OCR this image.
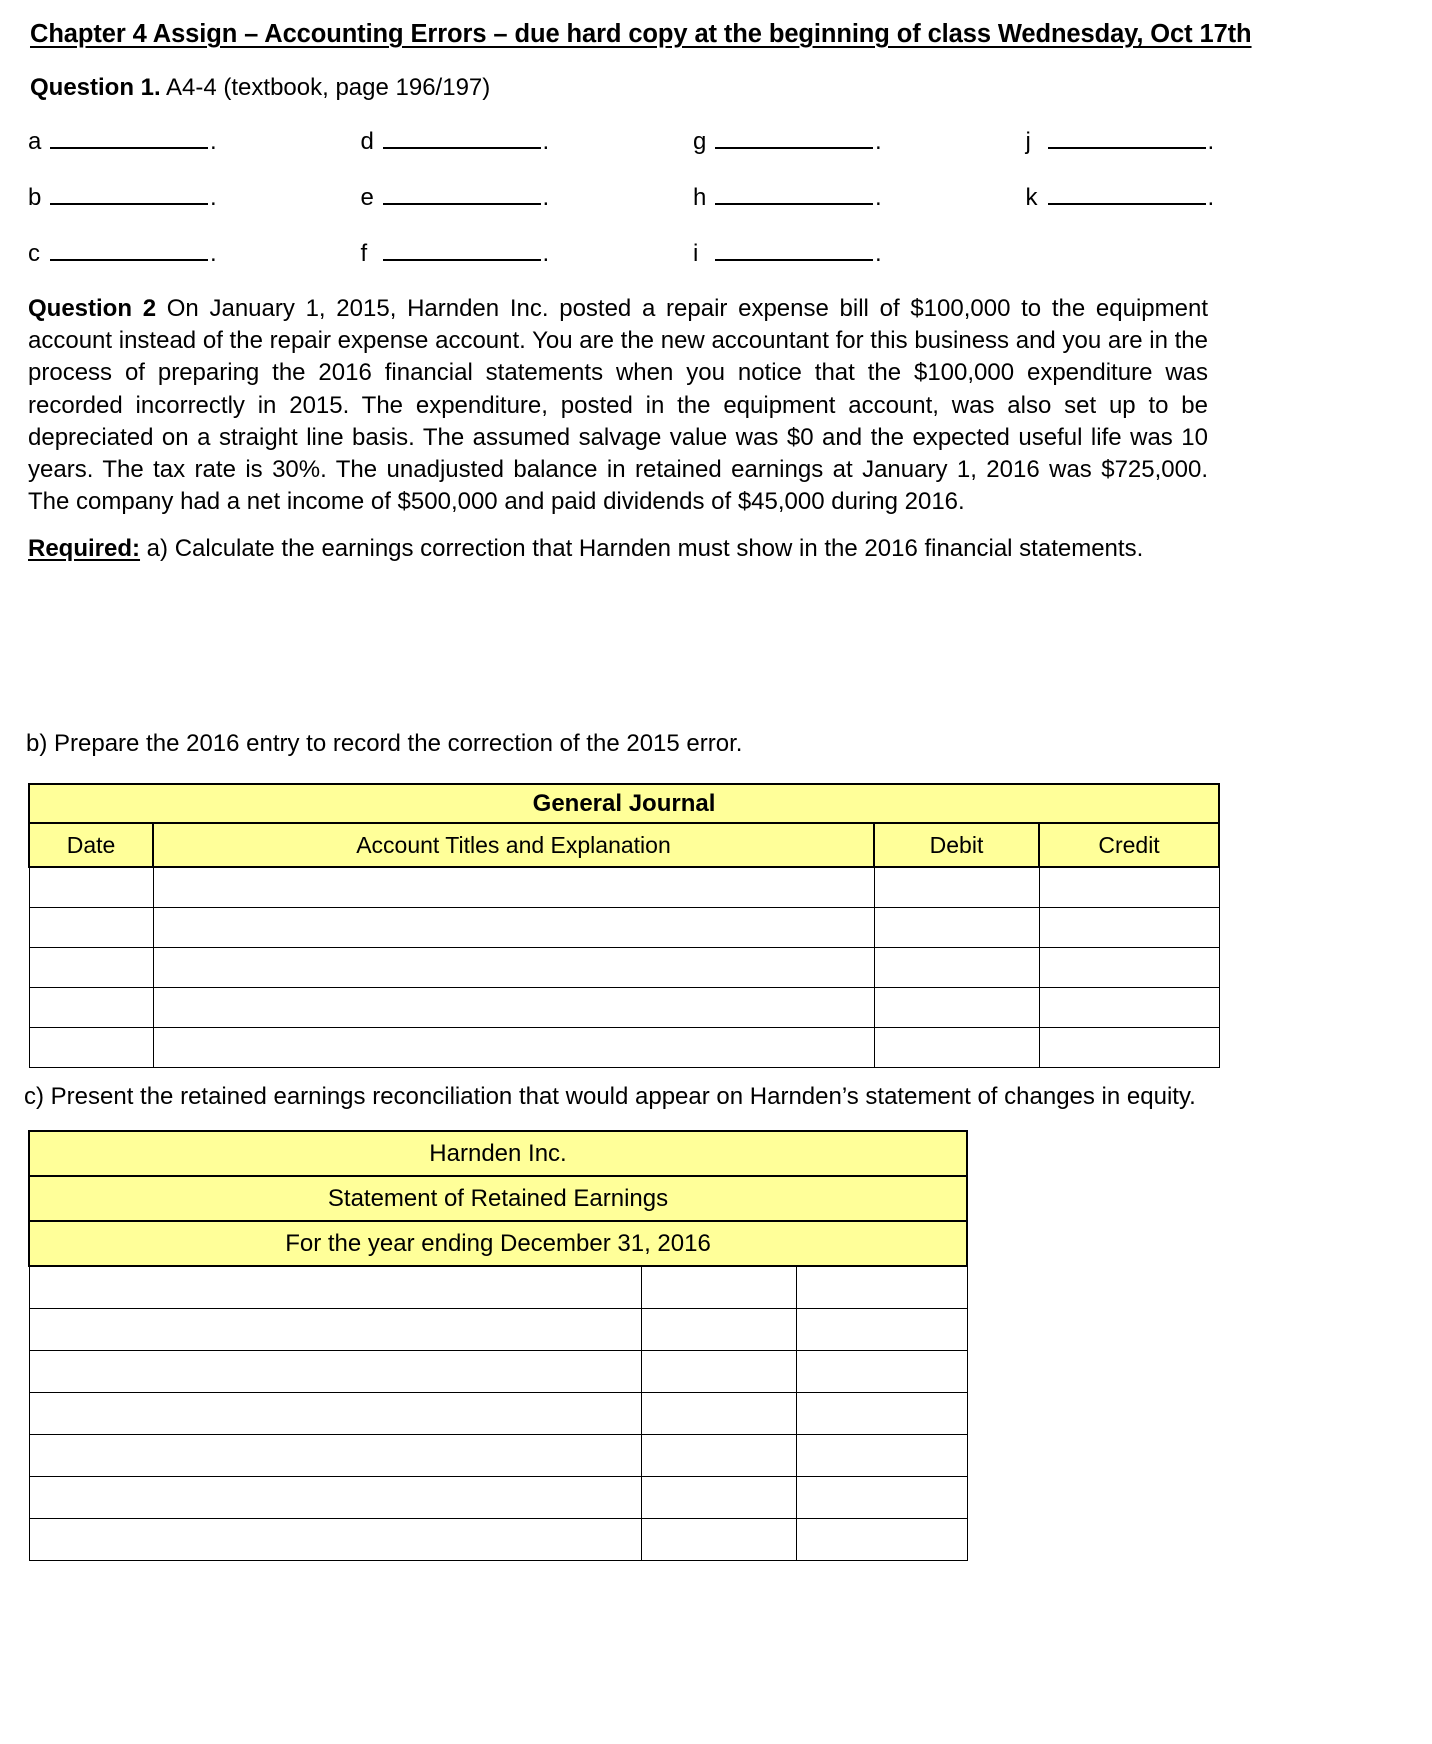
Chapter 4 Assign – Accounting Errors – due hard copy at the beginning of class Wednesday, Oct 17th
Question 1. A4-4 (textbook, page 196/197)
a	.	d	.	g	.	j	.
b	.	e	.	h	.	k	.
c	.	f	.	i	.
Question 2 On January 1, 2015, Harnden Inc. posted a repair expense bill of $100,000 to the equipment account instead of the repair expense account. You are the new accountant for this business and you are in the process of preparing the 2016 financial statements when you notice that the $100,000 expenditure was recorded incorrectly in 2015. The expenditure, posted in the equipment account, was also set up to be depreciated on a straight line basis. The assumed salvage value was $0 and the expected useful life was 10 years. The tax rate is 30%. The unadjusted balance in retained earnings at January 1, 2016 was $725,000. The company had a net income of $500,000 and paid dividends of $45,000 during 2016.
Required: a) Calculate the earnings correction that Harnden must show in the 2016 financial statements.
b) Prepare the 2016 entry to record the correction of the 2015 error.
General Journal			
Date	Account Titles and Explanation	Debit	Credit

c) Present the retained earnings reconciliation that would appear on Harnden’s statement of changes in equity.
Harnden Inc.		
Statement of Retained Earnings		
For the year ending December 31, 2016		
